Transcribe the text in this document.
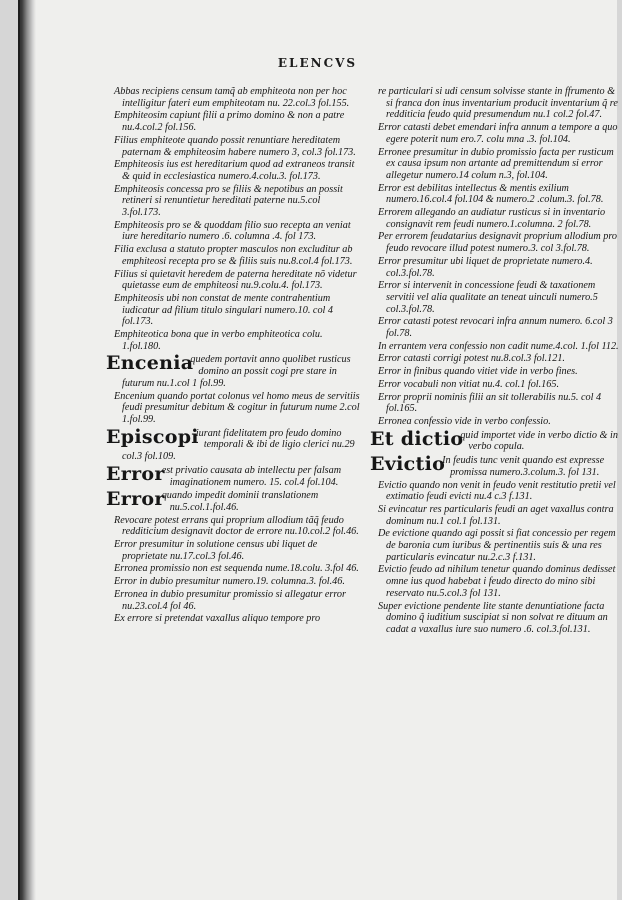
ELENCVS
Abbas recipiens censum tamq̃ ab emphiteota non per hoc intelligitur fateri eum emphiteotam nu. 22.col.3 fol.155.
Emphiteosim capiunt filii a primo domino & non a patre nu.4.col.2 fol.156.
Filius emphiteote quando possit renuntiare hereditatem paternam & emphiteosim habere numero 3, col.3 fol.173.
Emphiteosis ius est hereditarium quod ad extraneos transit & quid in ecclesiastica numero.4.colu.3. fol.173.
Emphiteosis concessa pro se filiis & nepotibus an possit retineri si renuntietur hereditati paterne nu.5.col 3.fol.173.
Emphiteosis pro se & quoddam filio suo recepta an veniat iure hereditario numero .6. columna .4. fol 173.
Filia exclusa a statuto propter masculos non excluditur ab emphiteosi recepta pro se & filiis suis nu.8.col.4 fol.173.
Filius si quietavit heredem de paterna hereditate nõ videtur quietasse eum de emphiteosi nu.9.colu.4. fol.173.
Emphiteosis ubi non constat de mente contrahentium iudicatur ad filium titulo singulari numero.10. col 4 fol.173.
Emphiteotica bona que in verbo emphiteotica colu. 1.fol.180.
Enceniа
quedem portavit anno quolibet rusticus domino an possit cogi pre stare in futurum nu.1.col 1 fol.99.
Encenium quando portat colonus vel homo meus de servitiis feudi presumitur debitum & cogitur in futurum nume 2.col 1.fol.99.
Episcopi
iurant fidelitatem pro feudo domino temporali & ibi de ligio clerici nu.29 col.3 fol.109.
Error
est privatio causata ab intellectu per falsam imaginationem numero. 15. col.4 fol.104.
Error
quando impedit dominii translationem nu.5.col.1.fol.46.
Revocare potest errans qui proprium allodium tãq̃ feudo redditicium designavit doctor de errore nu.10.col.2 fol.46.
Error presumitur in solutione census ubi liquet de proprietate nu.17.col.3 fol.46.
Erronea promissio non est sequenda nume.18.colu. 3.fol 46.
Error in dubio presumitur numero.19. columna.3. fol.46.
Erronea in dubio presumitur promissio si allegatur error nu.23.col.4 fol 46.
Ex errore si pretendat vaxallus aliquo tempore pro
re particulari si udi censum solvisse stante in ffrumento & si franca don inus inventarium producit inventarium q̃ re redditicia feudo quid presumendum nu.1 col.2 fol.47.
Error catasti debet emendari infra annum a tempore a quo egere poterit num ero.7. colu mna .3. fol.104.
Erronee presumitur in dubio promissio facta per rusticum ex causa ipsum non artante ad premittendum si error allegetur numero.14 colum n.3, fol.104.
Error est debilitas intellectus & mentis exilium numero.16.col.4 fol.104 & numero.2 .colum.3. fol.78.
Errorem allegando an audiatur rusticus si in inventario consignavit rem feudi numero.1.columna. 2 fol.78.
Per errorem feudatarius designavit proprium allodium pro feudo revocare illud potest numero.3. col 3.fol.78.
Error presumitur ubi liquet de proprietate numero.4. col.3.fol.78.
Error si intervenit in concessione feudi & taxationem servitii vel alia qualitate an teneat uinculi numero.5 col.3.fol.78.
Error catasti potest revocari infra annum numero. 6.col 3 fol.78.
In errantem vera confessio non cadit nume.4.col. 1.fol 112.
Error catasti corrigi potest nu.8.col.3 fol.121.
Error in finibus quando vitiet vide in verbo fines.
Error vocabuli non vitiat nu.4. col.1 fol.165.
Error proprii nominis filii an sit tollerabilis nu.5. col 4 fol.165.
Erronea confessio vide in verbo confessio.
Et dictio
quid importet vide in verbo dictio & in verbo copula.
Evictio
In feudis tunc venit quando est expresse promissa numero.3.colum.3. fol 131.
Evictio quando non venit in feudo venit restitutio pretii vel extimatio feudi evicti nu.4 c.3 f.131.
Si evincatur res particularis feudi an aget vaxallus contra dominum nu.1 col.1 fol.131.
De evictione quando agi possit si fiat concessio per regem de baronia cum iuribus & pertinentiis suis & una res particularis evincatur nu.2.c.3 f.131.
Evictio feudo ad nihilum tenetur quando dominus dedisset omne ius quod habebat i feudo directo do mino sibi reservato nu.5.col.3 fol 131.
Super evictione pendente lite stante denuntiatione facta domino q̃ iuditium suscipiat si non solvat re dituum an cadat a vaxallus iure suo numero .6. col.3.fol.131.
